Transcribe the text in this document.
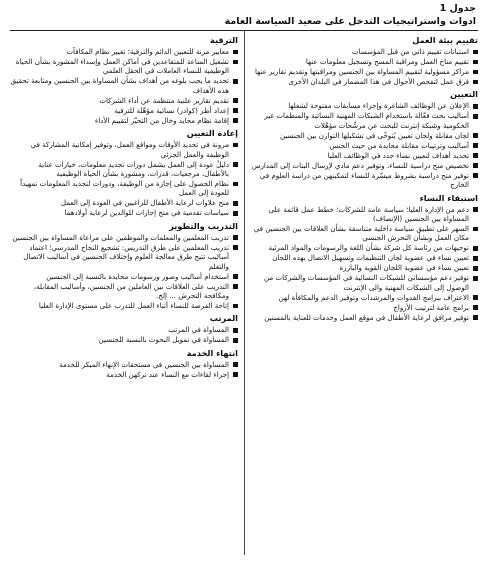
جدول 1
ادوات واستراتيجيات التدخل على صعيد السياسة العامة
تقييم بيئة العمل
استبانات تقييم ذاتي من قبل المؤسسات
تقييم مناخ العمل ومراقبة المسح وتسجيل معلومات عنها
مراكز مسؤولية لتقييم المساواة بين الجنسين ومراقبتها وتقديم تقارير عنها
فرق عمل لتفحص الأحوال في هذا المضمار في البلدان الأخرى
التعيين
الإعلان عن الوظائف الشاغرة وإجراء مسابقات مفتوحة لشغلها
أساليب بحث فعّالة باستخدام الشبكات المهنية النسائية والمنظمات غير الحكومية وشبكة إنترنت للبحث عن مرشّحات مؤهّلات
لجان مقابلة ولجان تعيين يُتوخّى في تشكيلها التوازن بين الجنسين
أساليب وترتيبات مقابلة محايدة من حيث الجنس
تحديد أهداف لتعيين نساء جدد في الوظائف العليا
تخصيص منح دراسية للنساء، وتوفير دعم مادي لإرسال البنات إلى المدارس
توفير منح دراسية بشروط ميسّرة للنساء لتمكينهن من دراسة العلوم في الخارج
استبقاء النساء
دعم من الإدارة العليا؛ سياسة عامة للشركات؛ خطط عمل قائمة على المساواة بين الجنسين (الإنصاف)
السهر على تطبيق سياسة داخلية متناسقة بشأن العلاقات بين الجنسين في مكان العمل وبشأن التحرش الجنسي
توجيهات من رئاسة كل شركة بشأن اللغة والرسومات والمواد المرئية
تعيين نساء في عضوية لجان التنظيمات وتسهيل الاتصال بهذه اللجان
تعيين نساء في عضوية اللجان القوية والبارزة
توفير دعم مؤسساتي للشبكات النسائية في المؤسسات والشركات من الوصول إلى الشبكات المهنية والى الإنترنت
الاعتراف ببرامج القدوات والمرشدات وتوفير الدعم والمكافأة لهن
برامج عامة لترتيب الأزواج
توفير مرافق لرعاية الأطفال في موقع العمل وخدمات للعناية بالمسنين
الترقية
معايير مرنة للتعيين الدائم والترقية؛ تغيير نظام المكافآت
تشغيل الساعة للمتقاعدين في أماكن العمل وإسداء المشورة بشأن الحياة الوظيفية للنساء العاملات في الحقل العلمي
تحديد ما يجب بلوغه من أهداف بشأن المساواة بين الجنسين ومتابعة تحقيق هذه الأهداف
تقديم تقارير علنية منتظمة عن أداء الشركات
إعداد أطر (كوادر) نسائية مؤهّلة للترقية
إقامة نظام محايد وخال من التحيّز لتقييم الأداء
إعادة التعيين
مرونة في تحديد الأوقات ومواقع العمل، وتوفير إمكانية المشاركة في الوظيفة والعمل الجزئي
دليلٌ عودة إلى العمل يشمل دورات تجديد معلومات، خيارات عناية بالأطفال، مرجعيات، قدرات، ومشورة بشأن الحياة الوظيفية
نظام الحصول على إجازة من الوظيفة، ودورات لتجديد المعلومات تمهيداً للعودة إلى العمل
منح علاوات لرعاية الأطفال للراغبين في العودة إلى العمل
سياسات تقدمية في منح إجازات للوالدين لرعاية أولادهما
التدريب والتطوير
تدريب المعلمين والمعلمات والموظفين على مراعاة المساواة بين الجنسين
تدريب المعلمين على طرق التدريس: تشجيع النجاح المدرسي؛ اعتماد أساليب تتيح طرق معالجة العلوم وإختلاف الجنسين في أساليب الاتصال والتعلم
استخدام أساليب وصور ورسومات محايدة بالنسبة إلى الجنسين
التدريب على العلاقات بين العاملين من الجنسين، وأساليب المقابلة، ومكافحة التحرش ... إلخ.
إتاحة الفرصة للنساء أثناء العمل للتدرب على مستوى الإدارة العليا
المرتب
المساواة في المرتب
المساواة في تمويل البحوث بالنسبة للجنسين
انتهاء الخدمة
المساواة بين الجنسين في مستحقات الإنهاء المبكر للخدمة
إجراء لقاءات مع النساء عند تركهن الخدمة
